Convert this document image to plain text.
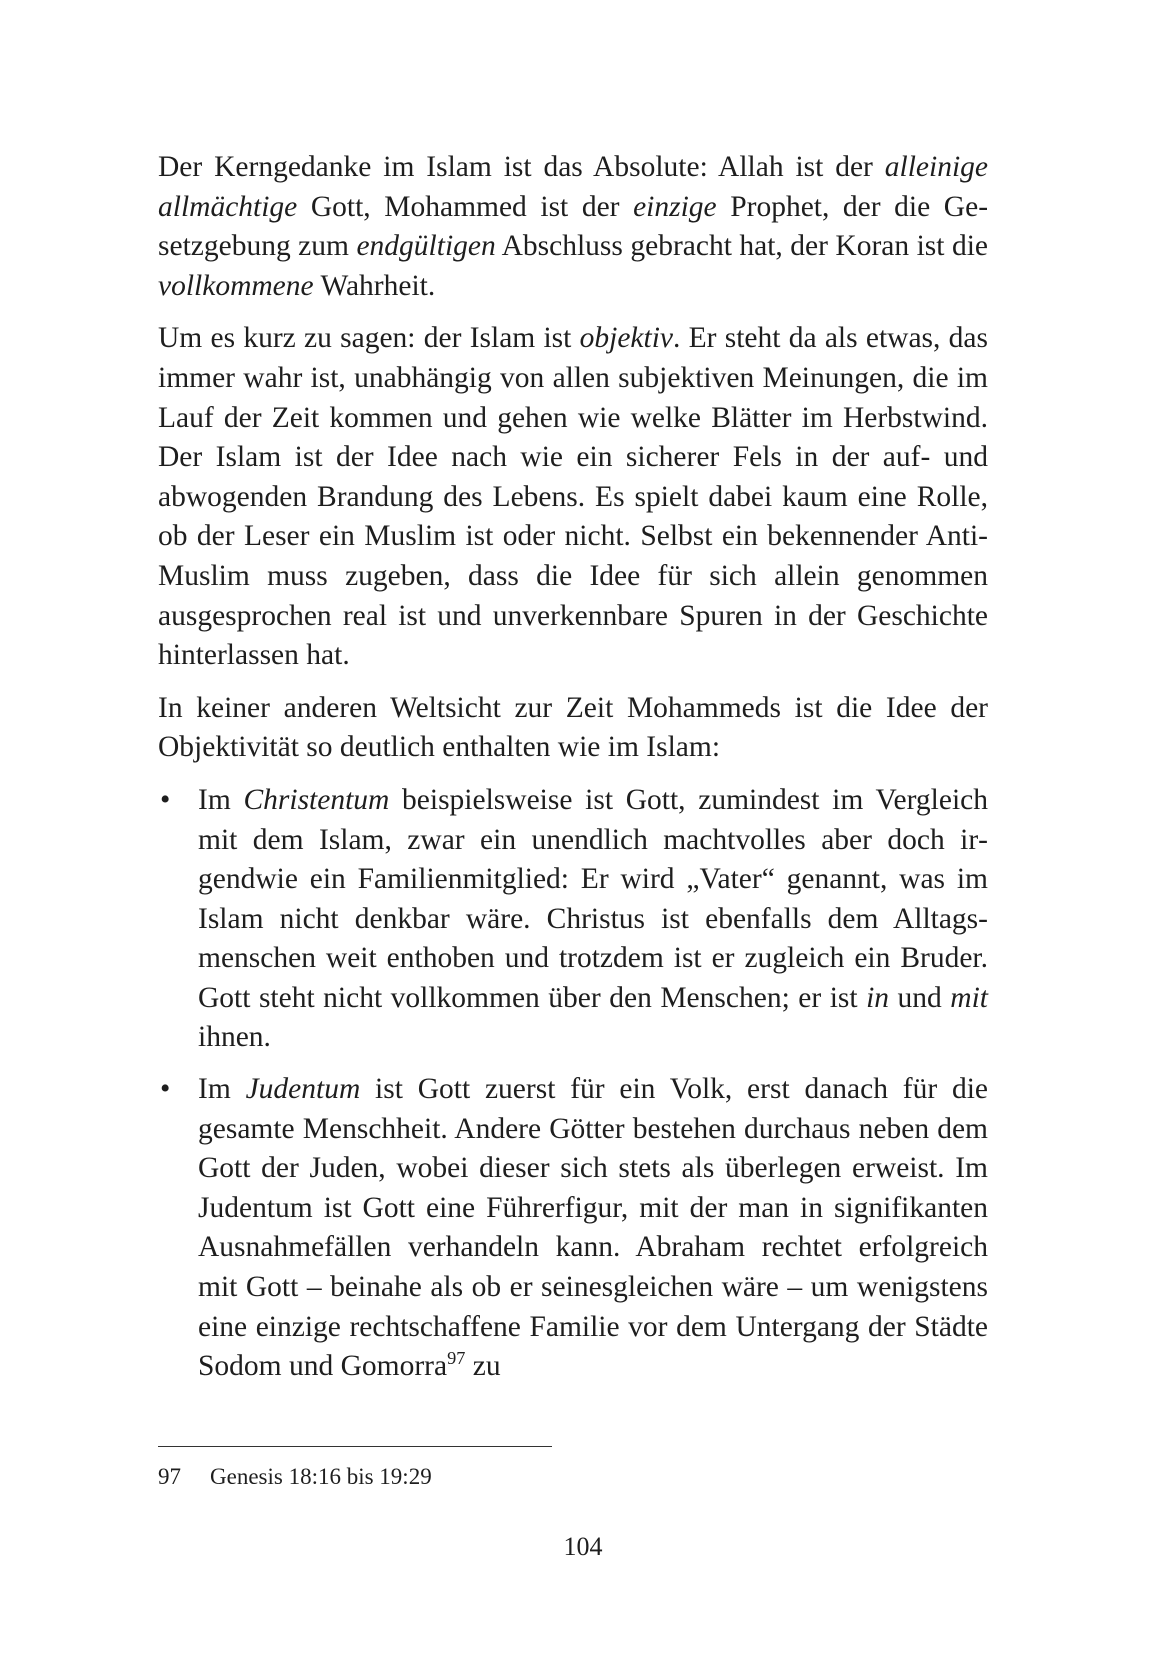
Der Kerngedanke im Islam ist das Absolute: Allah ist der alleinige allmächtige Gott, Mohammed ist der einzige Prophet, der die Gesetzgebung zum endgültigen Abschluss gebracht hat, der Koran ist die vollkommene Wahrheit.

Um es kurz zu sagen: der Islam ist objektiv. Er steht da als etwas, das immer wahr ist, unabhängig von allen subjektiven Meinungen, die im Lauf der Zeit kommen und gehen wie welke Blätter im Herbstwind. Der Islam ist der Idee nach wie ein sicherer Fels in der auf- und abwogenden Brandung des Lebens. Es spielt dabei kaum eine Rolle, ob der Leser ein Muslim ist oder nicht. Selbst ein bekennender Anti-Muslim muss zugeben, dass die Idee für sich allein genommen ausgesprochen real ist und unverkennbare Spuren in der Geschichte hinterlassen hat.

In keiner anderen Weltsicht zur Zeit Mohammeds ist die Idee der Objektivität so deutlich enthalten wie im Islam:

• Im Christentum beispielsweise ist Gott, zumindest im Vergleich mit dem Islam, zwar ein unendlich machtvolles aber doch irgendwie ein Familienmitglied: Er wird „Vater“ genannt, was im Islam nicht denkbar wäre. Christus ist ebenfalls dem Alltagsmenschen weit enthoben und trotzdem ist er zugleich ein Bruder. Gott steht nicht vollkommen über den Menschen; er ist in und mit ihnen.
• Im Judentum ist Gott zuerst für ein Volk, erst danach für die gesamte Menschheit. Andere Götter bestehen durchaus neben dem Gott der Juden, wobei dieser sich stets als überlegen erweist. Im Judentum ist Gott eine Führerfigur, mit der man in signifikanten Ausnahmefällen verhandeln kann. Abraham rechtet erfolgreich mit Gott – beinahe als ob er seinesgleichen wäre – um wenigstens eine einzige rechtschaffene Familie vor dem Untergang der Städte Sodom und Gomorra$^{97}$ zu
97 Genesis 18:16 bis 19:29
104
